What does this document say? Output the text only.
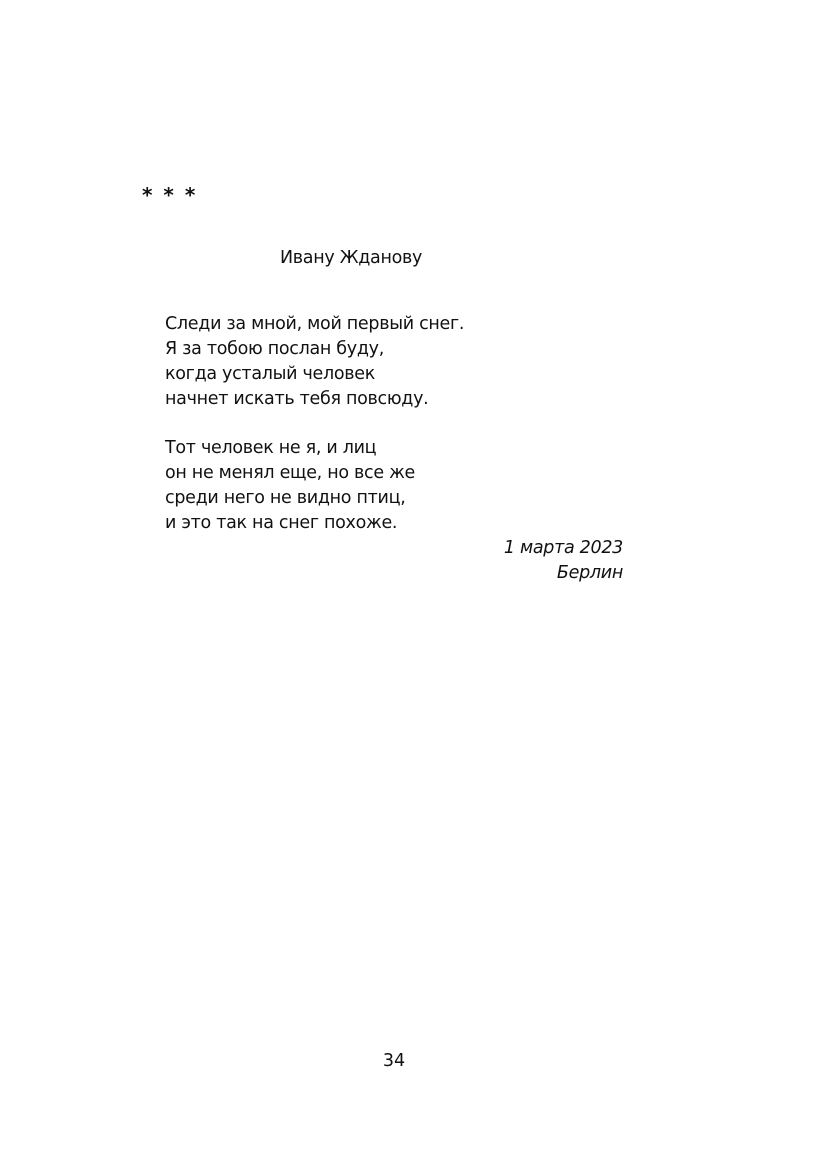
* * *
Ивану Жданову
Следи за мной, мой первый снег.
Я за тобою послан буду,
когда усталый человек
начнет искать тебя повсюду.
Тот человек не я, и лиц
он не менял еще, но все же
среди него не видно птиц,
и это так на снег похоже.
1 марта 2023
Берлин
34
